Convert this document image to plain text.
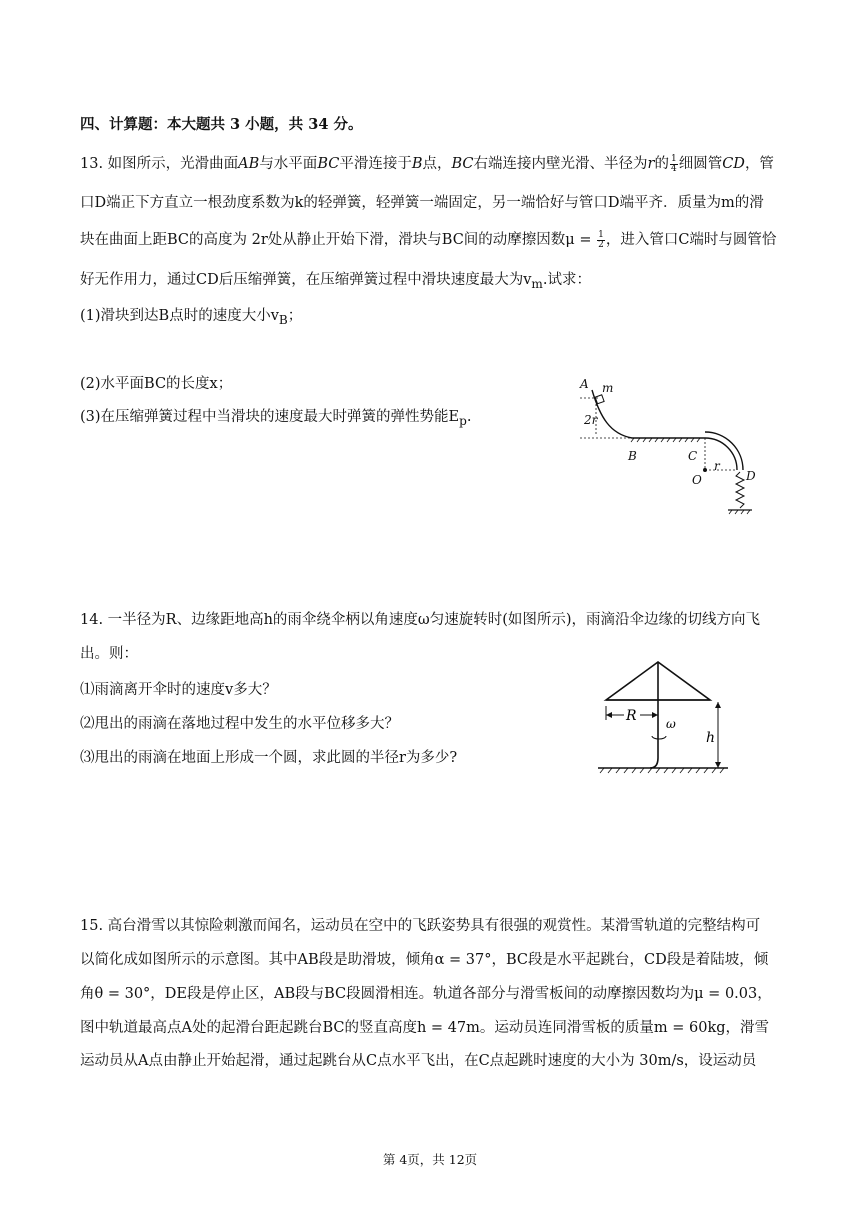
四、计算题：本大题共 3 小题，共 34 分。
13. 如图所示，光滑曲面AB与水平面BC平滑连接于B点，BC右端连接内壁光滑、半径为r的 $\frac{1}{4}$ 细圆管CD，管
口D端正下方直立一根劲度系数为k的轻弹簧，轻弹簧一端固定，另一端恰好与管口D端平齐．质量为m的滑
块在曲面上距BC的高度为 2r处从静止开始下滑，滑块与BC间的动摩擦因数$\mu = \frac{1}{2}$ ，进入管口C端时与圆管恰
好无作用力，通过CD后压缩弹簧，在压缩弹簧过程中滑块速度最大为$v_m$.试求：
(1)滑块到达B点时的速度大小$v_B$；
(2)水平面BC的长度x；
(3)在压缩弹簧过程中当滑块的速度最大时弹簧的弹性势能$E_p$.
A m
2r
B	C
r
O	D
14. 一半径为R、边缘距地高h的雨伞绕伞柄以角速度ω匀速旋转时(如图所示)，雨滴沿伞边缘的切线方向飞
出。则：
⑴雨滴离开伞时的速度v多大？
⑵甩出的雨滴在落地过程中发生的水平位移多大？
⑶甩出的雨滴在地面上形成一个圆，求此圆的半径r为多少?
R ω
h
15. 高台滑雪以其惊险刺激而闻名，运动员在空中的飞跃姿势具有很强的观赏性。某滑雪轨道的完整结构可
以简化成如图所示的示意图。其中AB段是助滑坡，倾角α = 37°，BC段是水平起跳台，CD段是着陆坡，倾
角θ = 30°，DE段是停止区，AB段与BC段圆滑相连。轨道各部分与滑雪板间的动摩擦因数均为μ = 0.03，
图中轨道最高点A处的起滑台距起跳台BC的竖直高度h = 47m。运动员连同滑雪板的质量m = 60kg，滑雪
运动员从A点由静止开始起滑，通过起跳台从C点水平飞出，在C点起跳时速度的大小为 30m/s，设运动员
第 4页，共 12页
